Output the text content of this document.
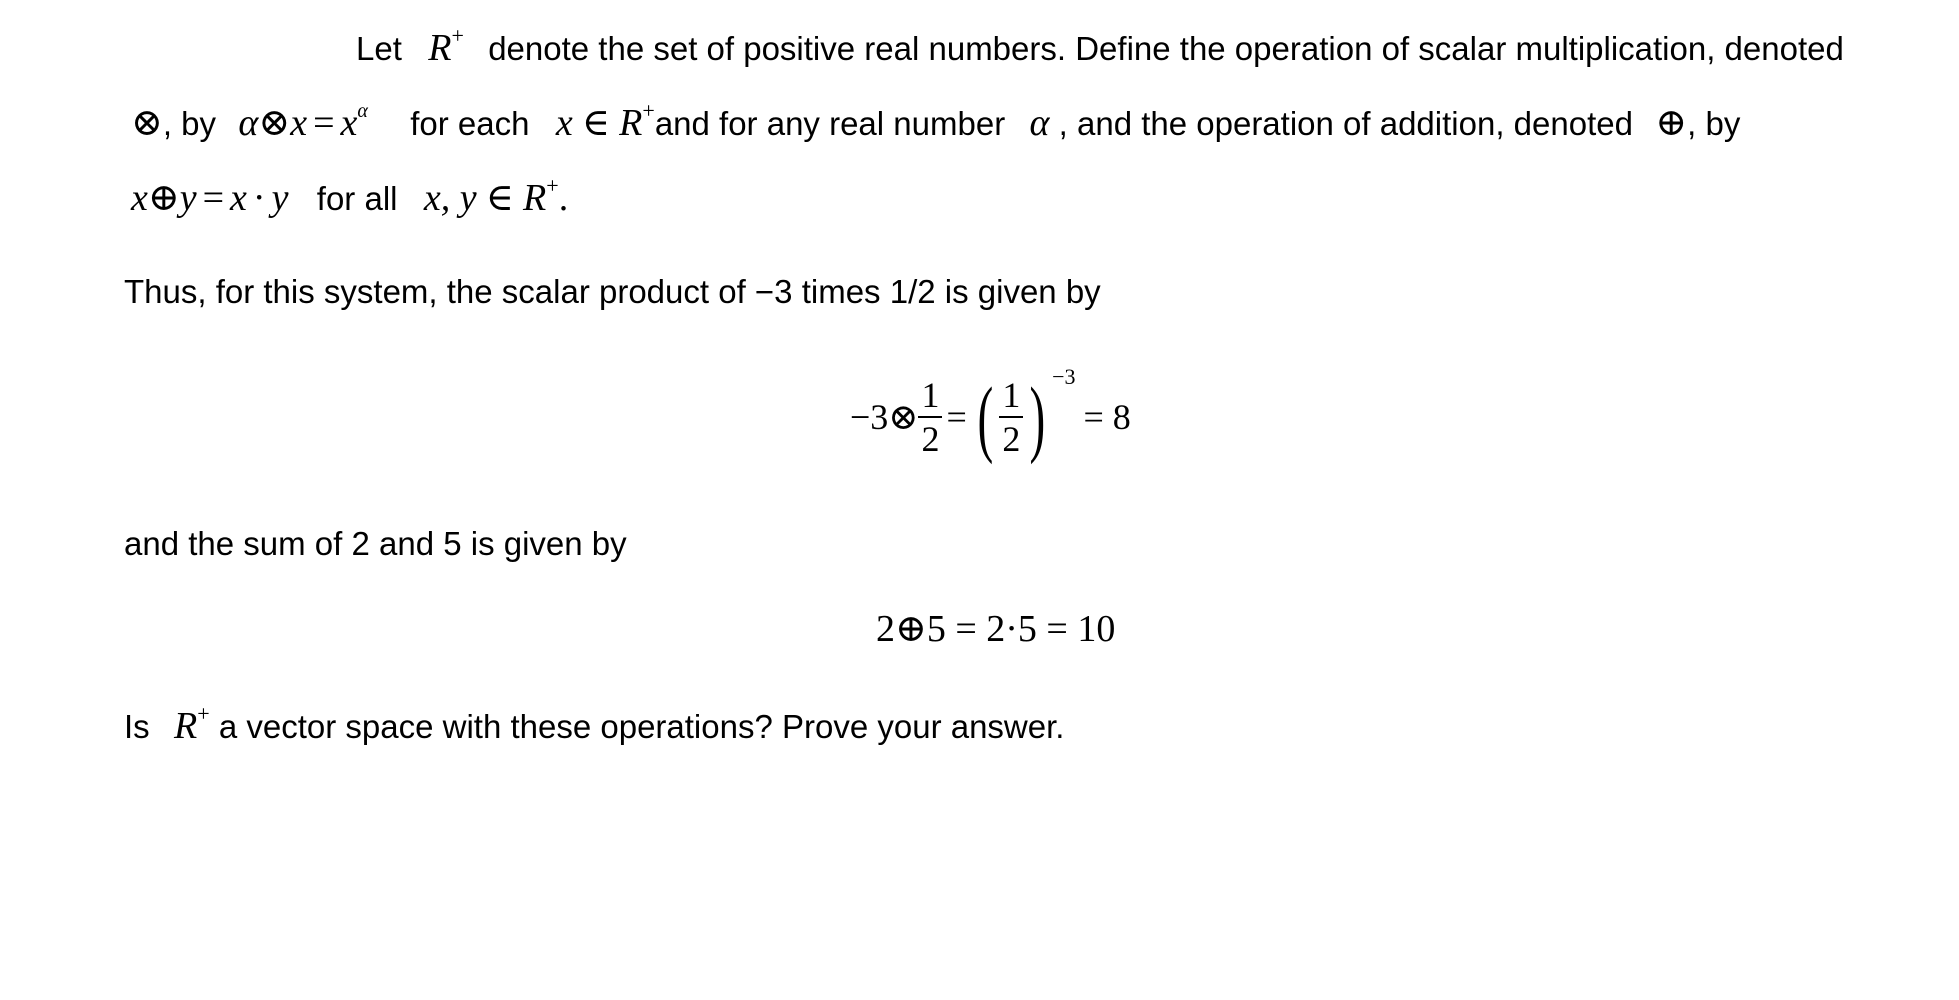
Let R+ denote the set of positive real numbers. Define the operation of scalar multiplication, denoted
⊗, by α⊗x = $x^\alpha$ for each x ∈ R+and for any real number α , and the operation of addition, denoted ⊕, by
x⊕y = x · y for all x, y ∈ R+.
Thus, for this system, the scalar product of −3 times 1/2 is given by
−3⊗ $\frac{1}{2}$ = ( $\frac{1}{2}$ ) −3
= 8
and the sum of 2 and 5 is given by
2⊕5 = 2·5 = 10
Is R+ a vector space with these operations? Prove your answer.
